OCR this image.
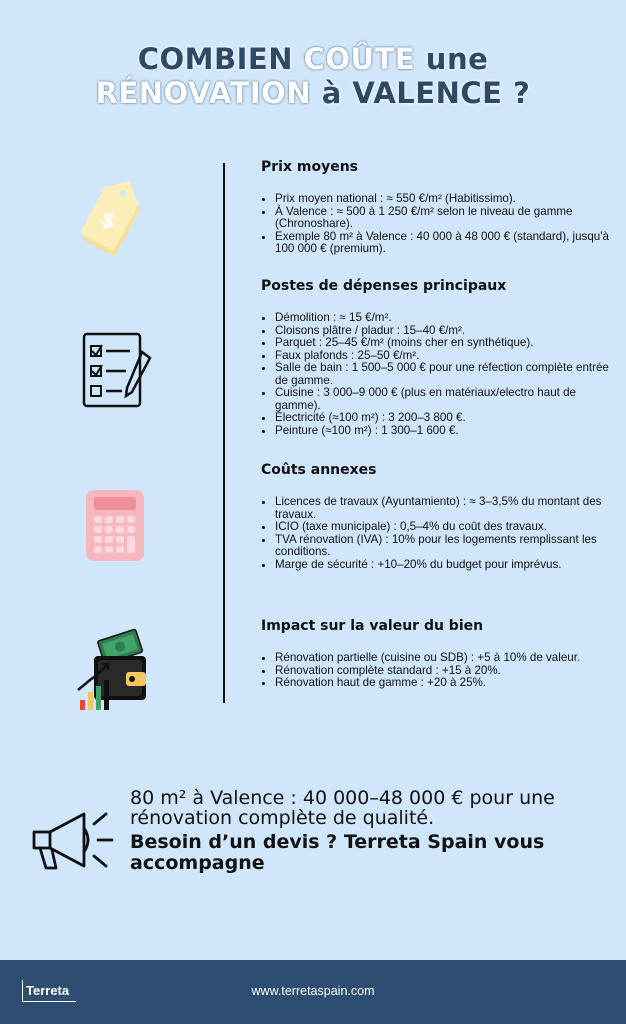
COMBIEN COÛTE une
RÉNOVATION à VALENCE ?
$
Prix moyens
• Prix moyen national : ≈ 550 €/m² (Habitissimo).
• À Valence : ≈ 500 à 1 250 €/m² selon le niveau de gamme (Chronoshare).
• Exemple 80 m² à Valence : 40 000 à 48 000 € (standard), jusqu'à 100 000 € (premium).
Postes de dépenses principaux
• Démolition : ≈ 15 €/m².
• Cloisons plâtre / pladur : 15–40 €/m².
• Parquet : 25–45 €/m² (moins cher en synthétique).
• Faux plafonds : 25–50 €/m².
• Salle de bain : 1 500–5 000 € pour une réfection complète entrée de gamme.
• Cuisine : 3 000–9 000 € (plus en matériaux/electro haut de gamme).
• Électricité (≈100 m²) : 3 200–3 800 €.
• Peinture (≈100 m²) : 1 300–1 600 €.
Coûts annexes
• Licences de travaux (Ayuntamiento) : ≈ 3–3,5% du montant des travaux.
• ICIO (taxe municipale) : 0,5–4% du coût des travaux.
• TVA rénovation (IVA) : 10% pour les logements remplissant les conditions.
• Marge de sécurité : +10–20% du budget pour imprévus.
Impact sur la valeur du bien
• Rénovation partielle (cuisine ou SDB) : +5 à 10% de valeur.
• Rénovation complète standard : +15 à 20%.
• Rénovation haut de gamme : +20 à 25%.
80 m² à Valence : 40 000–48 000 € pour une rénovation complète de qualité.
Besoin d’un devis ? Terreta Spain vous accompagne
Terreta	www.terretaspain.com
